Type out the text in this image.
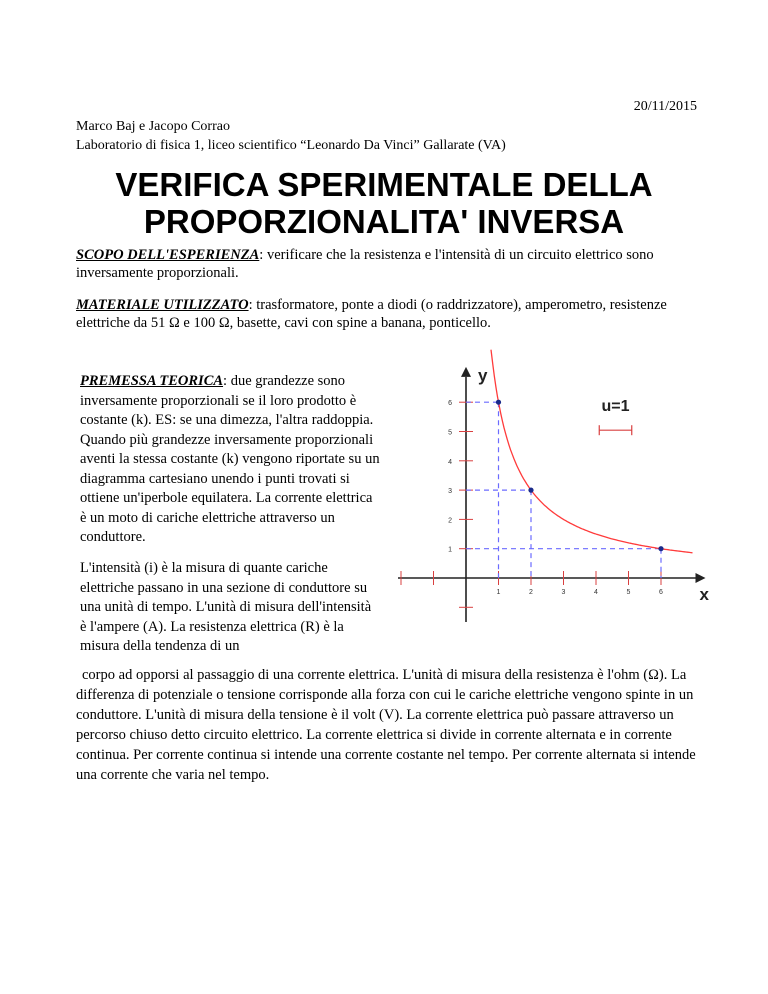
20/11/2015
Marco Baj e Jacopo Corrao
Laboratorio di fisica 1, liceo scientifico “Leonardo Da Vinci” Gallarate (VA)
VERIFICA SPERIMENTALE DELLA
PROPORZIONALITA' INVERSA
SCOPO DELL'ESPERIENZA: verificare che la resistenza e l'intensità di un circuito elettrico sono inversamente proporzionali.
MATERIALE UTILIZZATO: trasformatore, ponte a diodi (o raddrizzatore), amperometro, resistenze elettriche da 51 Ω e 100 Ω, basette, cavi con spine a banana, ponticello.
PREMESSA TEORICA: due grandezze sono inversamente proporzionali se il loro prodotto è costante (k). ES: se una dimezza, l'altra raddoppia. Quando più grandezze inversamente proporzionali aventi la stessa costante (k) vengono riportate su un diagramma cartesiano unendo i punti trovati si ottiene un'iperbole equilatera. La corrente elettrica è un moto di cariche elettriche attraverso un conduttore.
L'intensità (i) è la misura di quante cariche elettriche passano in una sezione di conduttore su una unità di tempo. L'unità di misura dell'intensità è l'ampere (A). La resistenza elettrica (R) è la misura della tendenza di un
corpo ad opporsi al passaggio di una corrente elettrica. L'unità di misura della resistenza è l'ohm (Ω). La differenza di potenziale o tensione corrisponde alla forza con cui le cariche elettriche vengono spinte in un conduttore. L'unità di misura della tensione è il volt (V). La corrente elettrica può passare attraverso un percorso chiuso detto circuito elettrico. La corrente elettrica si divide in corrente alternata e in corrente continua. Per corrente continua si intende una corrente costante nel tempo. Per corrente alternata si intende una corrente che varia nel tempo.
x
y
1	2	3	4	5	6
1
2
3
4
5
6	u=1
